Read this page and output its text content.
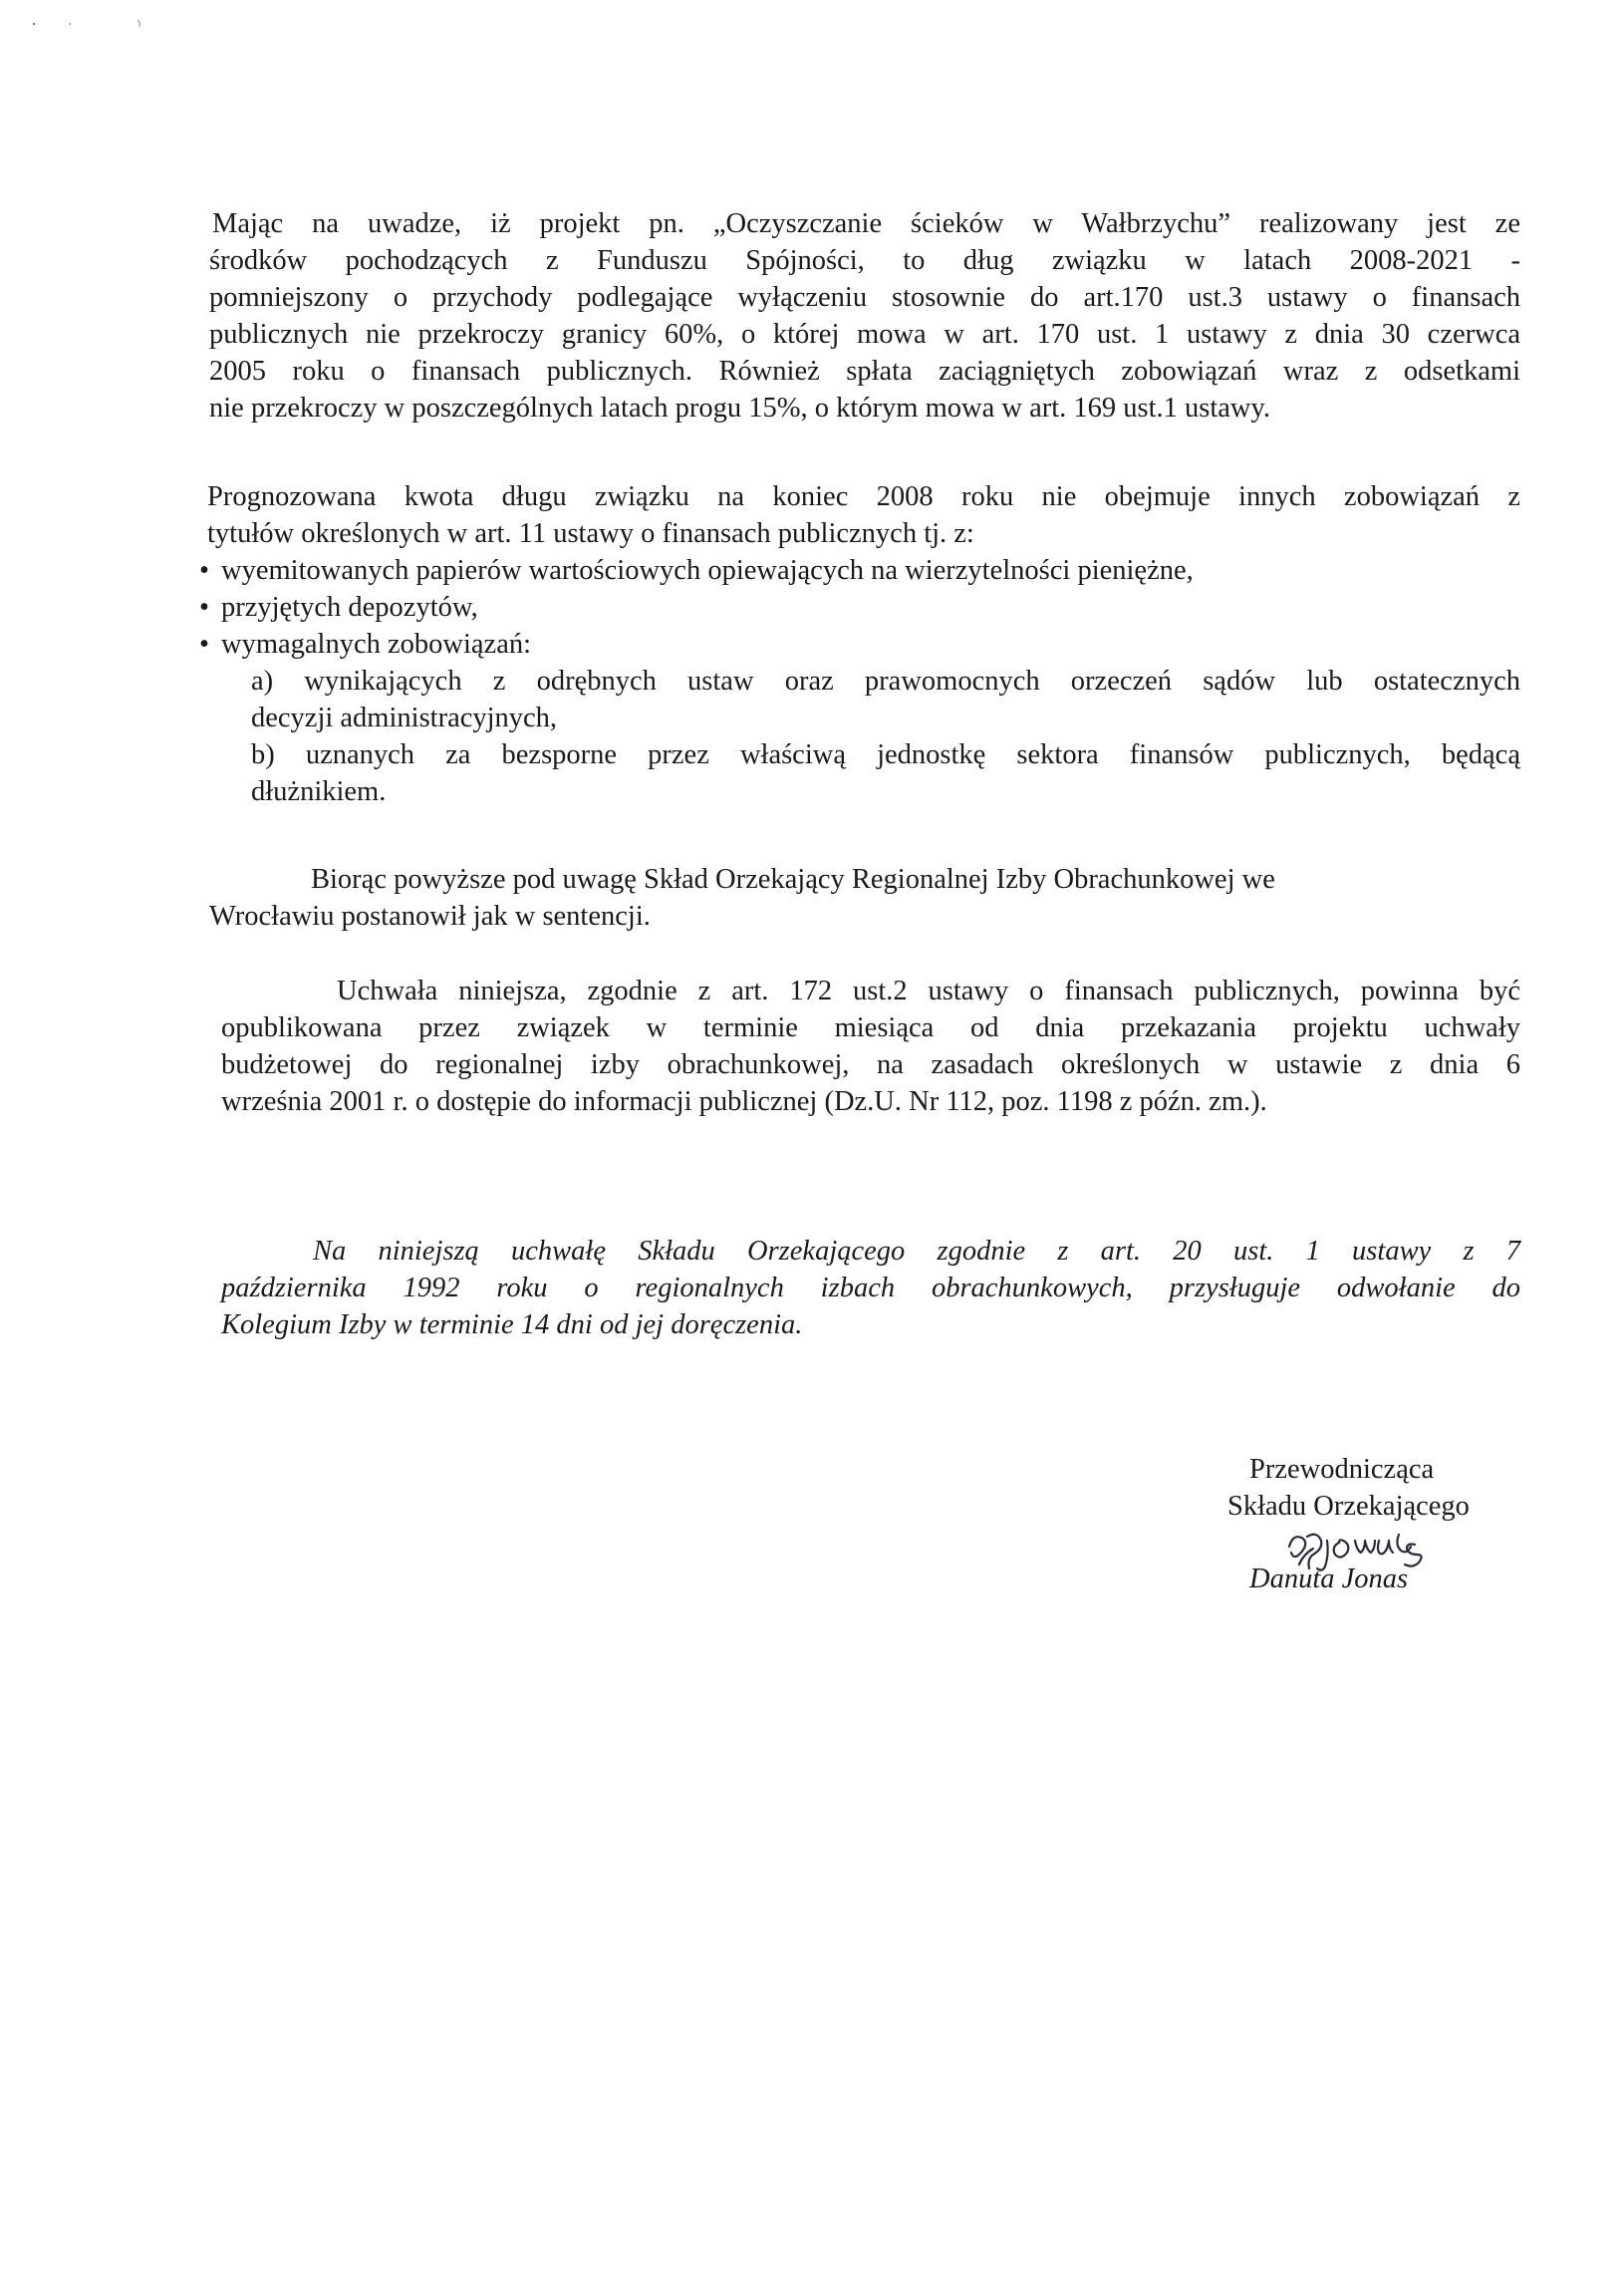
Mając na uwadze, iż projekt pn. „Oczyszczanie ścieków w Wałbrzychu” realizowany jest ze
środków pochodzących z Funduszu Spójności, to dług związku w latach 2008-2021 -
pomniejszony o przychody podlegające wyłączeniu stosownie do art.170 ust.3 ustawy o finansach
publicznych nie przekroczy granicy 60%, o której mowa w art. 170 ust. 1 ustawy z dnia 30 czerwca
2005 roku o finansach publicznych. Również spłata zaciągniętych zobowiązań wraz z odsetkami
nie przekroczy w poszczególnych latach progu 15%, o którym mowa w art. 169 ust.1 ustawy.
Prognozowana kwota długu związku na koniec 2008 roku nie obejmuje innych zobowiązań z
tytułów określonych w art. 11 ustawy o finansach publicznych tj. z:
• wyemitowanych papierów wartościowych opiewających na wierzytelności pieniężne,
• przyjętych depozytów,
• wymagalnych zobowiązań:
a) wynikających z odrębnych ustaw oraz prawomocnych orzeczeń sądów lub ostatecznych
decyzji administracyjnych,
b) uznanych za bezsporne przez właściwą jednostkę sektora finansów publicznych, będącą
dłużnikiem.
Biorąc powyższe pod uwagę Skład Orzekający Regionalnej Izby Obrachunkowej we
Wrocławiu postanowił jak w sentencji.
Uchwała niniejsza, zgodnie z art. 172 ust.2 ustawy o finansach publicznych, powinna być
opublikowana przez związek w terminie miesiąca od dnia przekazania projektu uchwały
budżetowej do regionalnej izby obrachunkowej, na zasadach określonych w ustawie z dnia 6
września 2001 r. o dostępie do informacji publicznej (Dz.U. Nr 112, poz. 1198 z późn. zm.).
Na niniejszą uchwałę Składu Orzekającego zgodnie z art. 20 ust. 1 ustawy z 7
października 1992 roku o regionalnych izbach obrachunkowych, przysługuje odwołanie do
Kolegium Izby w terminie 14 dni od jej doręczenia.
Przewodnicząca
Składu Orzekającego
Danuta Jonas
